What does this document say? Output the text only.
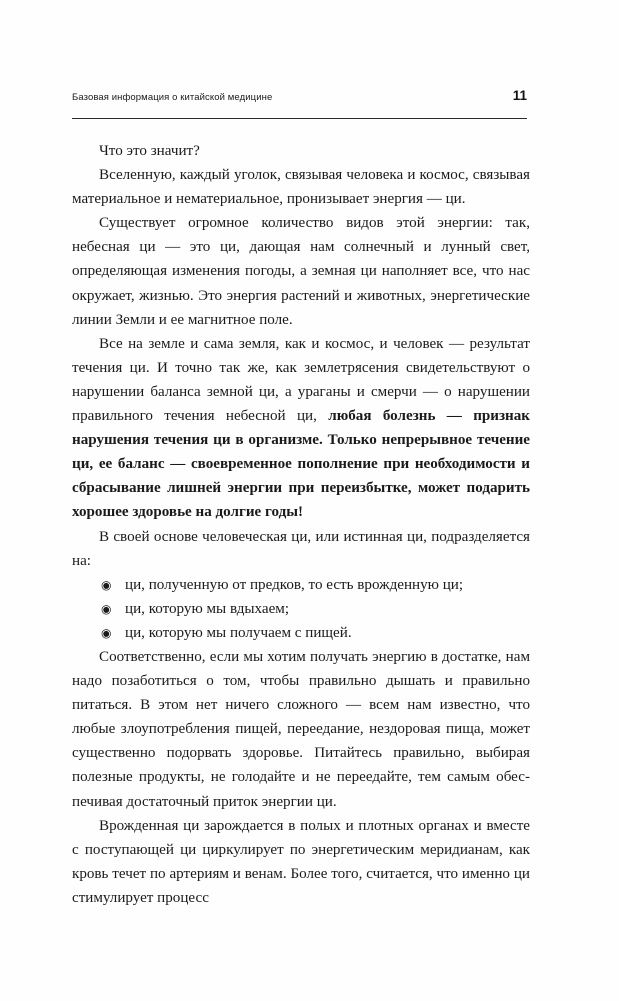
Базовая информация о китайской медицине	11

Что это значит?

Вселенную, каждый уголок, связывая человека и космос, связывая материальное и нематериальное, пронизывает энергия — ци.

Существует огромное количество видов этой энергии: так, небесная ци — это ци, дающая нам солнечный и лунный свет, определяющая изменения погоды, а земная ци наполняет все, что нас окружает, жизнью. Это энергия растений и животных, энергетические линии Земли и ее магнитное поле.

Все на земле и сама земля, как и космос, и человек — результат течения ци. И точно так же, как землетрясения свидетельствуют о нарушении баланса земной ци, а ураганы и смерчи — о нарушении правильного течения небесной ци, любая болезнь — признак нарушения течения ци в организме. Только непрерывное течение ци, ее баланс — своевременное пополнение при необходимости и сбрасывание лишней энергии при переизбытке, может подарить хорошее здоровье на долгие годы!

В своей основе человеческая ци, или истинная ци, подразделяется на:

◉ ци, полученную от предков, то есть врожденную ци;
◉ ци, которую мы вдыхаем;
◉ ци, которую мы получаем с пищей.

Соответственно, если мы хотим получать энергию в достатке, нам надо позаботиться о том, чтобы правильно дышать и правильно питаться. В этом нет ничего сложного — всем нам известно, что любые злоупотребления пищей, переедание, нездоровая пища, может существенно подорвать здоровье. Питайтесь правильно, выбирая полезные продукты, не голодайте и не переедайте, тем самым обеспечивая достаточный приток энергии ци.

Врожденная ци зарождается в полых и плотных органах и вместе с поступающей ци циркулирует по энергетическим меридианам, как кровь течет по артериям и венам. Более того, считается, что именно ци стимулирует процесс
